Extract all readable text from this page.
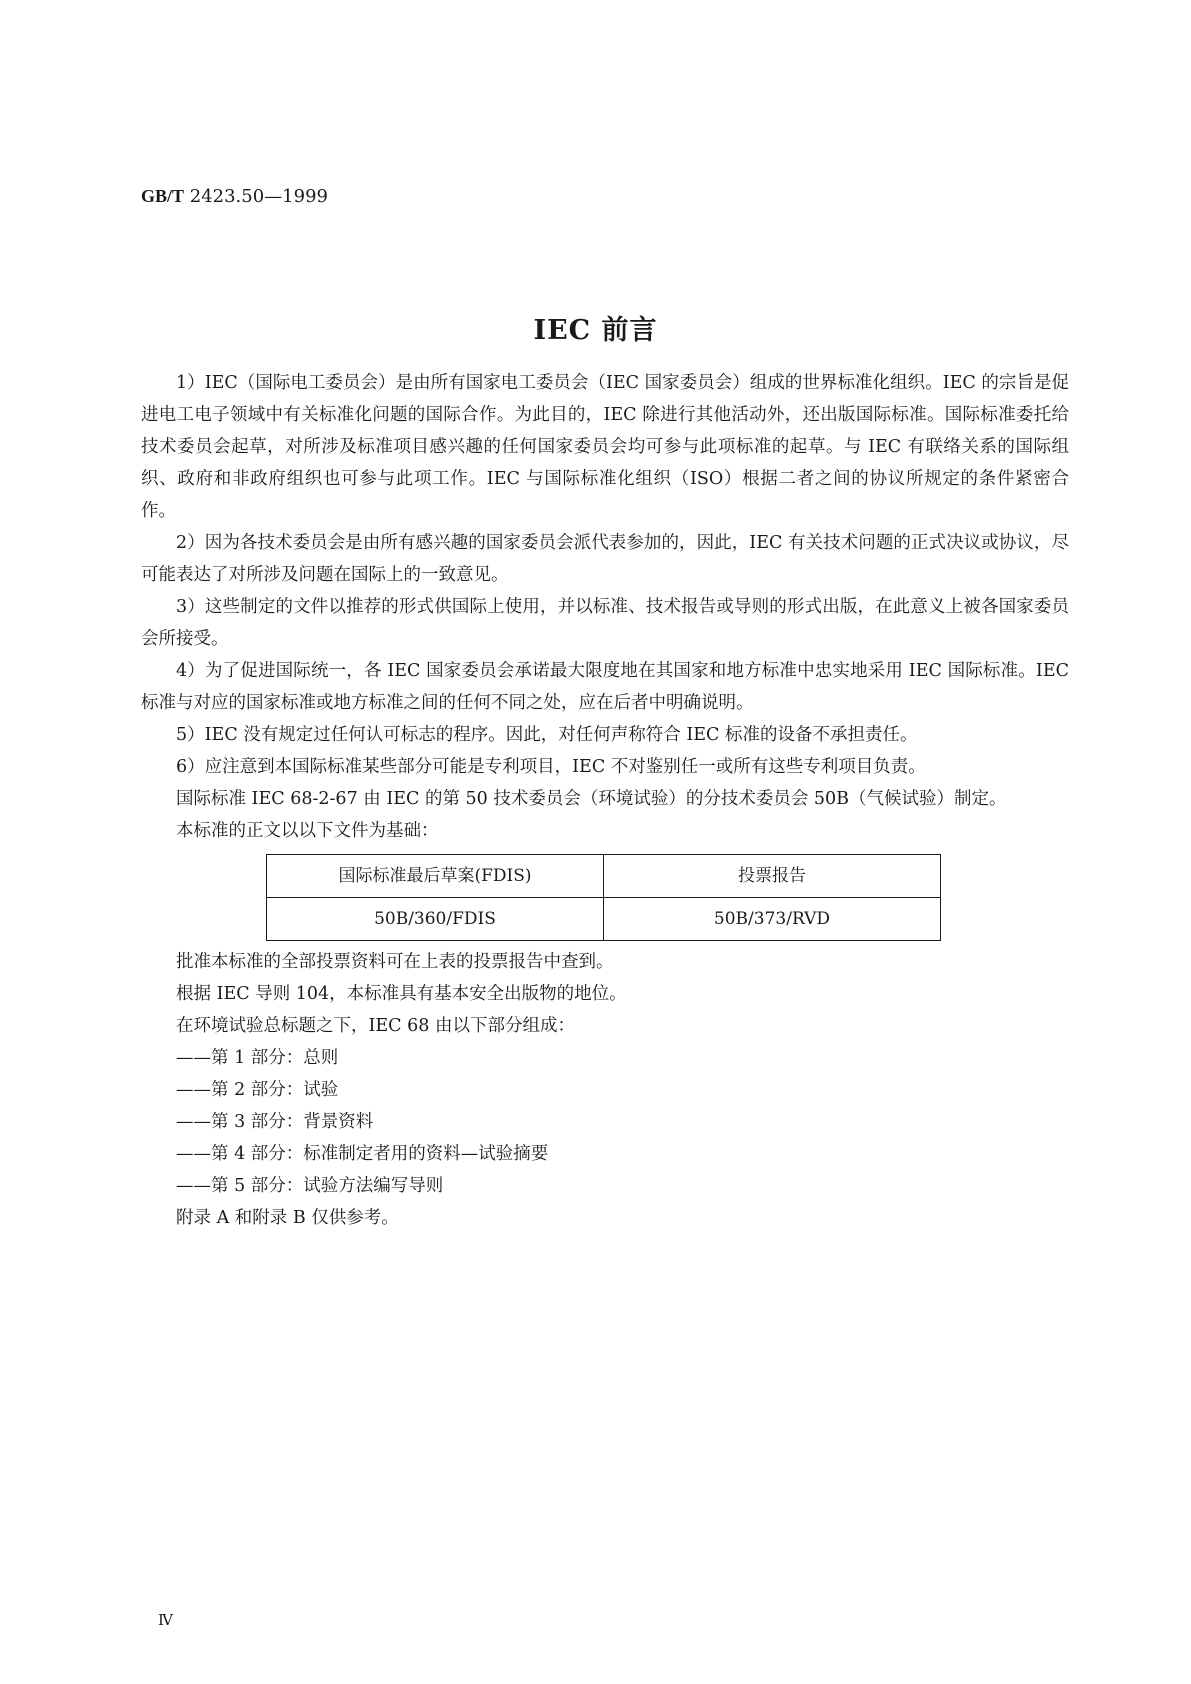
GB/T 2423.50—1999
IEC 前言

1）IEC（国际电工委员会）是由所有国家电工委员会（IEC 国家委员会）组成的世界标准化组织。IEC 的宗旨是促进电工电子领域中有关标准化问题的国际合作。为此目的，IEC 除进行其他活动外，还出版国际标准。国际标准委托给技术委员会起草，对所涉及标准项目感兴趣的任何国家委员会均可参与此项标准的起草。与 IEC 有联络关系的国际组织、政府和非政府组织也可参与此项工作。IEC 与国际标准化组织（ISO）根据二者之间的协议所规定的条件紧密合作。

2）因为各技术委员会是由所有感兴趣的国家委员会派代表参加的，因此，IEC 有关技术问题的正式决议或协议，尽可能表达了对所涉及问题在国际上的一致意见。

3）这些制定的文件以推荐的形式供国际上使用，并以标准、技术报告或导则的形式出版，在此意义上被各国家委员会所接受。

4）为了促进国际统一，各 IEC 国家委员会承诺最大限度地在其国家和地方标准中忠实地采用 IEC 国际标准。IEC 标准与对应的国家标准或地方标准之间的任何不同之处，应在后者中明确说明。

5）IEC 没有规定过任何认可标志的程序。因此，对任何声称符合 IEC 标准的设备不承担责任。

6）应注意到本国际标准某些部分可能是专利项目，IEC 不对鉴别任一或所有这些专利项目负责。

国际标准 IEC 68-2-67 由 IEC 的第 50 技术委员会（环境试验）的分技术委员会 50B（气候试验）制定。

本标准的正文以以下文件为基础：

国际标准最后草案(FDIS)	投票报告
50B/360/FDIS	50B/373/RVD

批准本标准的全部投票资料可在上表的投票报告中查到。

根据 IEC 导则 104，本标准具有基本安全出版物的地位。

在环境试验总标题之下，IEC 68 由以下部分组成：

——第 1 部分：总则
——第 2 部分：试验
——第 3 部分：背景资料
——第 4 部分：标准制定者用的资料—试验摘要
——第 5 部分：试验方法编写导则

附录 A 和附录 B 仅供参考。

Ⅳ
